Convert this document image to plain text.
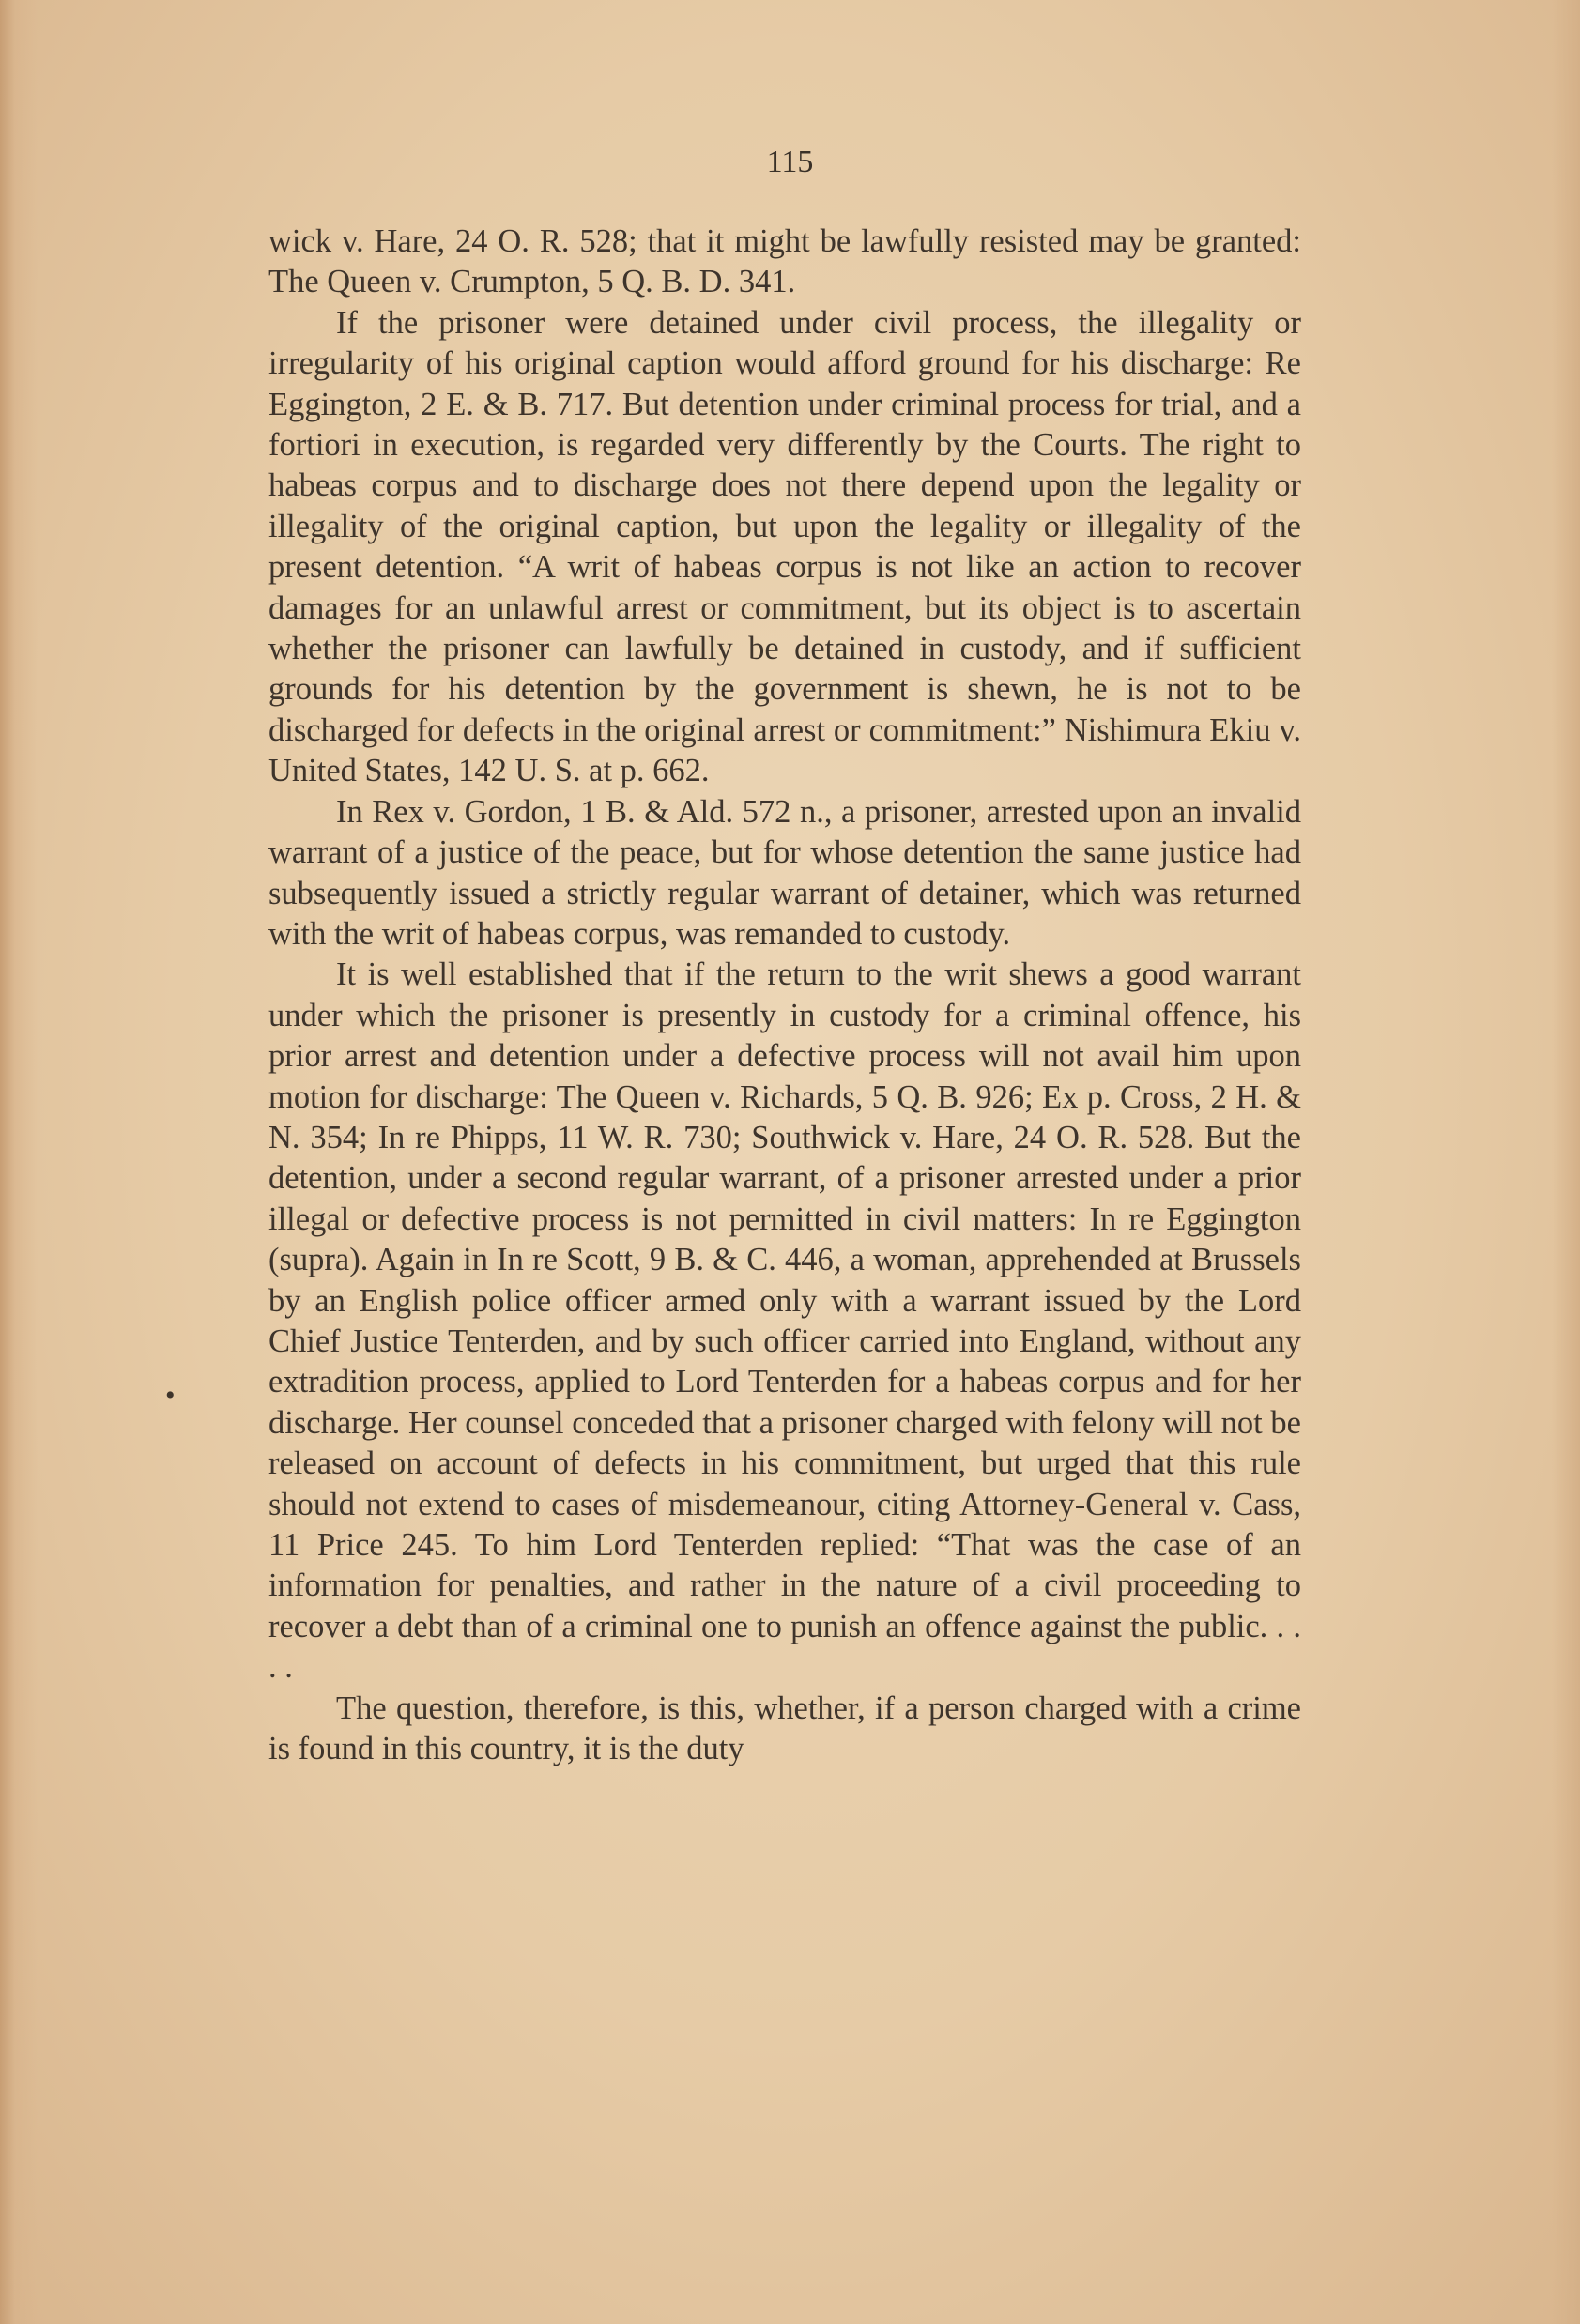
115
•

wick v. Hare, 24 O. R. 528; that it might be lawfully resisted may be granted: The Queen v. Crumpton, 5 Q. B. D. 341.

If the prisoner were detained under civil process, the illegality or irregularity of his original caption would afford ground for his discharge: Re Eggington, 2 E. & B. 717. But detention under criminal process for trial, and a fortiori in execution, is regarded very differently by the Courts. The right to habeas corpus and to discharge does not there depend upon the legality or illegality of the original caption, but upon the legality or illegality of the present detention. “A writ of habeas corpus is not like an action to recover damages for an unlawful arrest or commitment, but its object is to ascertain whether the prisoner can lawfully be detained in custody, and if sufficient grounds for his detention by the government is shewn, he is not to be discharged for defects in the original arrest or commitment:” Nishimura Ekiu v. United States, 142 U. S. at p. 662.

In Rex v. Gordon, 1 B. & Ald. 572 n., a prisoner, arrested upon an invalid warrant of a justice of the peace, but for whose detention the same justice had subsequently issued a strictly regular warrant of detainer, which was returned with the writ of habeas corpus, was remanded to custody.

It is well established that if the return to the writ shews a good warrant under which the prisoner is presently in custody for a criminal offence, his prior arrest and detention under a defective process will not avail him upon motion for discharge: The Queen v. Richards, 5 Q. B. 926; Ex p. Cross, 2 H. & N. 354; In re Phipps, 11 W. R. 730; Southwick v. Hare, 24 O. R. 528. But the detention, under a second regular warrant, of a prisoner arrested under a prior illegal or defective process is not permitted in civil matters: In re Eggington (supra). Again in In re Scott, 9 B. & C. 446, a woman, apprehended at Brussels by an English police officer armed only with a warrant issued by the Lord Chief Justice Tenterden, and by such officer carried into England, without any extradition process, applied to Lord Tenterden for a habeas corpus and for her discharge. Her counsel conceded that a prisoner charged with felony will not be released on account of defects in his commitment, but urged that this rule should not extend to cases of misdemeanour, citing Attorney-General v. Cass, 11 Price 245. To him Lord Tenterden replied: “That was the case of an information for penalties, and rather in the nature of a civil proceeding to recover a debt than of a criminal one to punish an offence against the public. . . . .

The question, therefore, is this, whether, if a person charged with a crime is found in this country, it is the duty
